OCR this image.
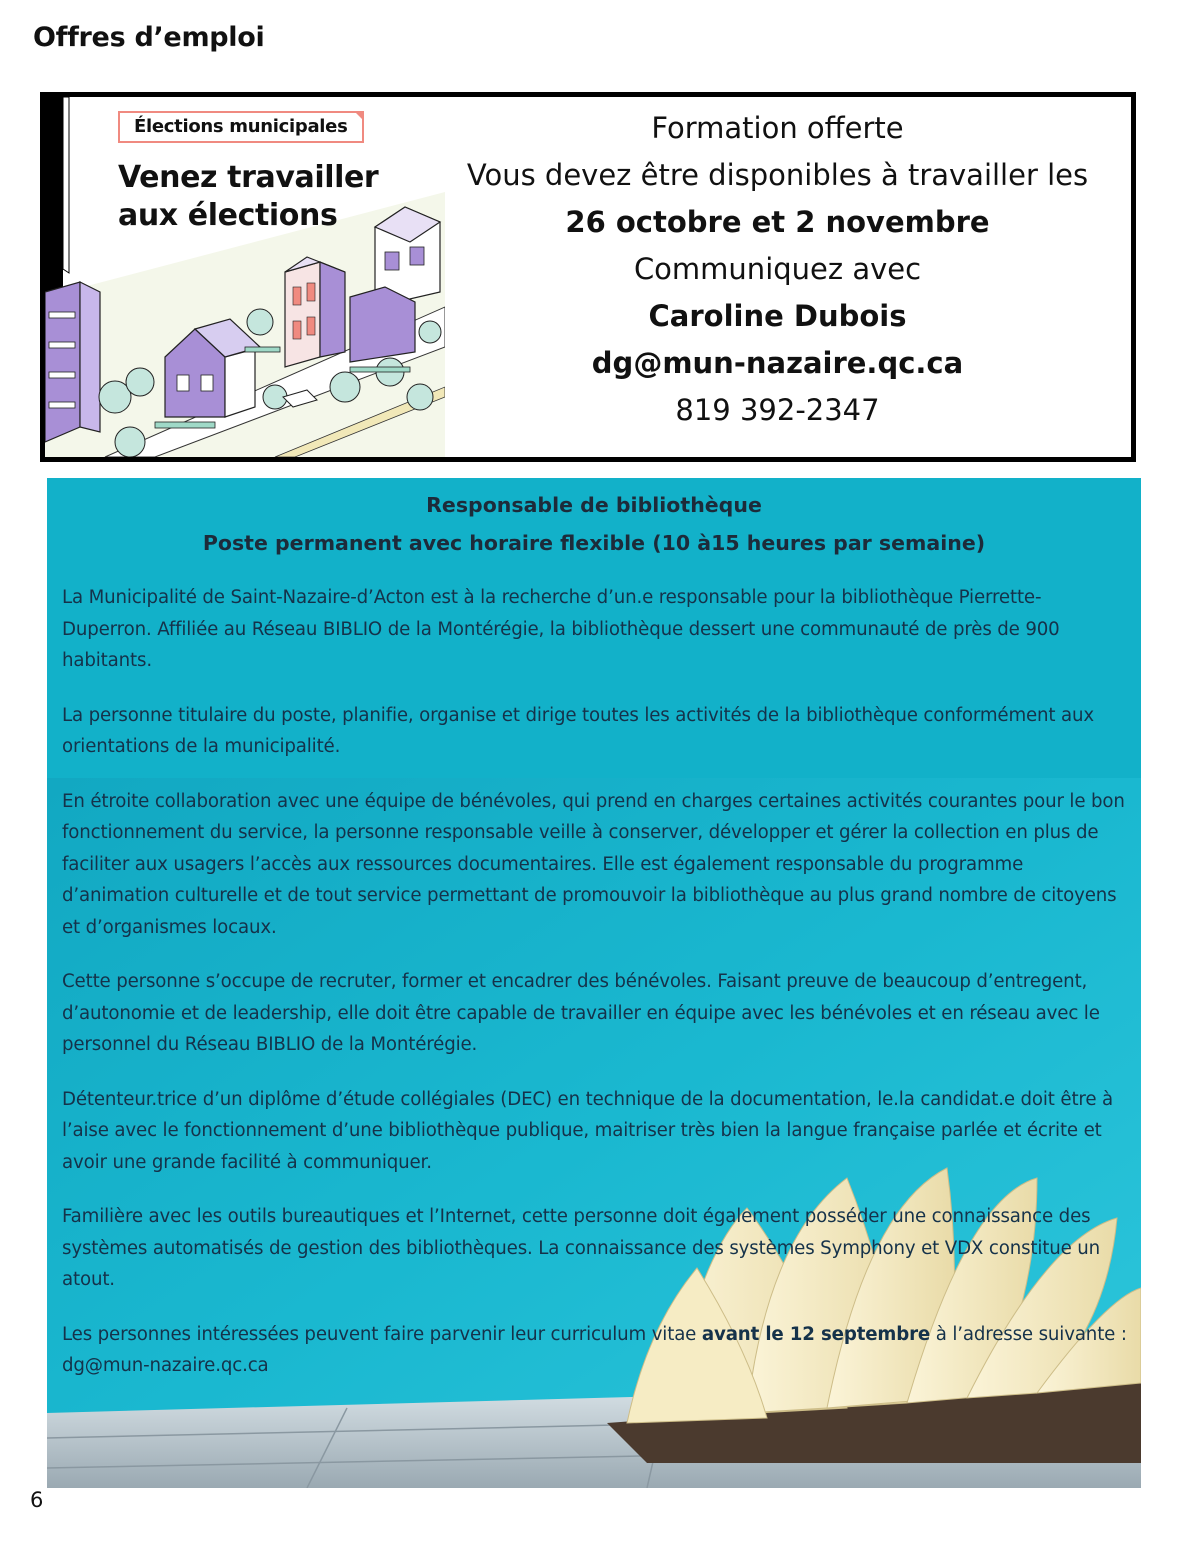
Offres d’emploi
Élections municipales
Venez travailler
aux élections
Formation offerte
Vous devez être disponibles à travailler les
26 octobre et 2 novembre
Communiquez avec
Caroline Dubois
dg@mun-nazaire.qc.ca
819 392-2347
Responsable de bibliothèque
Poste permanent avec horaire flexible (10 à15 heures par semaine)

La Municipalité de Saint-Nazaire-d’Acton est à la recherche d’un.e responsable pour la bibliothèque Pierrette-Duperron. Affiliée au Réseau BIBLIO de la Montérégie, la bibliothèque dessert une communauté de près de 900 habitants.

La personne titulaire du poste, planifie, organise et dirige toutes les activités de la bibliothèque conformément aux orientations de la municipalité.

En étroite collaboration avec une équipe de bénévoles, qui prend en charges certaines activités courantes pour le bon fonctionnement du service, la personne responsable veille à conserver, développer et gérer la collection en plus de faciliter aux usagers l’accès aux ressources documentaires. Elle est également responsable du programme d’animation culturelle et de tout service permettant de promouvoir la bibliothèque au plus grand nombre de citoyens et d’organismes locaux.

Cette personne s’occupe de recruter, former et encadrer des bénévoles. Faisant preuve de beaucoup d’entregent, d’autonomie et de leadership, elle doit être capable de travailler en équipe avec les bénévoles et en réseau avec le personnel du Réseau BIBLIO de la Montérégie.

Détenteur.trice d’un diplôme d’étude collégiales (DEC) en technique de la documentation, le.la candidat.e doit être à l’aise avec le fonctionnement d’une bibliothèque publique, maitriser très bien la langue française parlée et écrite et avoir une grande facilité à communiquer.

Familière avec les outils bureautiques et l’Internet, cette personne doit également posséder une connaissance des systèmes automatisés de gestion des bibliothèques. La connaissance des systèmes Symphony et VDX constitue un atout.

Les personnes intéressées peuvent faire parvenir leur curriculum vitae avant le 12 septembre à l’adresse suivante : dg@mun-nazaire.qc.ca

6
